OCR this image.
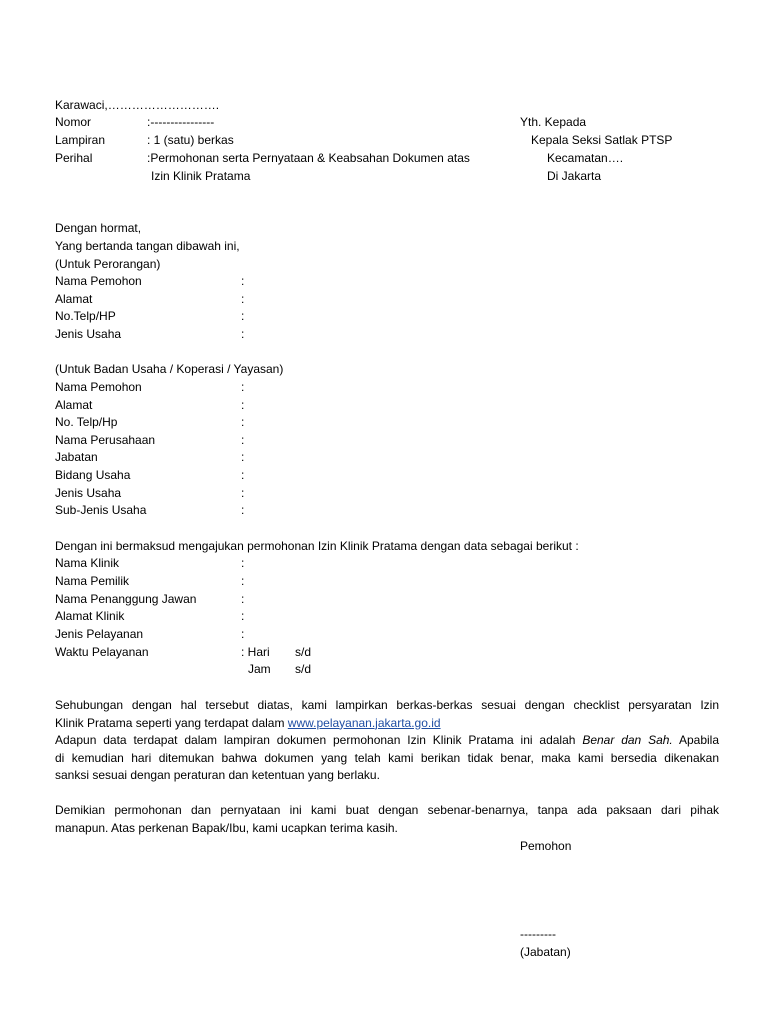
Karawaci,……………………….
Nomor	:----------------
Lampiran	: 1 (satu) berkas
Perihal	:Permohonan serta Pernyataan & Keabsahan Dokumen atas
Izin Klinik Pratama
Yth. Kepada
Kepala Seksi Satlak PTSP
Kecamatan….
Di Jakarta
Dengan hormat,
Yang bertanda tangan dibawah ini,
(Untuk Perorangan)
Nama Pemohon	:
Alamat	:
No.Telp/HP	:
Jenis Usaha	:
(Untuk Badan Usaha / Koperasi / Yayasan)
Nama Pemohon	:
Alamat	:
No. Telp/Hp	:
Nama Perusahaan	:
Jabatan	:
Bidang Usaha	:
Jenis Usaha	:
Sub-Jenis Usaha	:
Dengan ini bermaksud mengajukan permohonan Izin Klinik Pratama dengan data sebagai berikut :
Nama Klinik	:
Nama Pemilik	:
Nama Penanggung Jawan	:
Alamat Klinik	:
Jenis Pelayanan	:
Waktu Pelayanan	: Hari s/d
Jam s/d
Sehubungan dengan hal tersebut diatas, kami lampirkan berkas-berkas sesuai dengan checklist persyaratan Izin
Klinik Pratama seperti yang terdapat dalam www.pelayanan.jakarta.go.id
Adapun data terdapat dalam lampiran dokumen permohonan Izin Klinik Pratama ini adalah Benar dan Sah. Apabila
di kemudian hari ditemukan bahwa dokumen yang telah kami berikan tidak benar, maka kami bersedia dikenakan
sanksi sesuai dengan peraturan dan ketentuan yang berlaku.
Demikian permohonan dan pernyataan ini kami buat dengan sebenar-benarnya, tanpa ada paksaan dari pihak
manapun. Atas perkenan Bapak/Ibu, kami ucapkan terima kasih.
Pemohon
---------
(Jabatan)
